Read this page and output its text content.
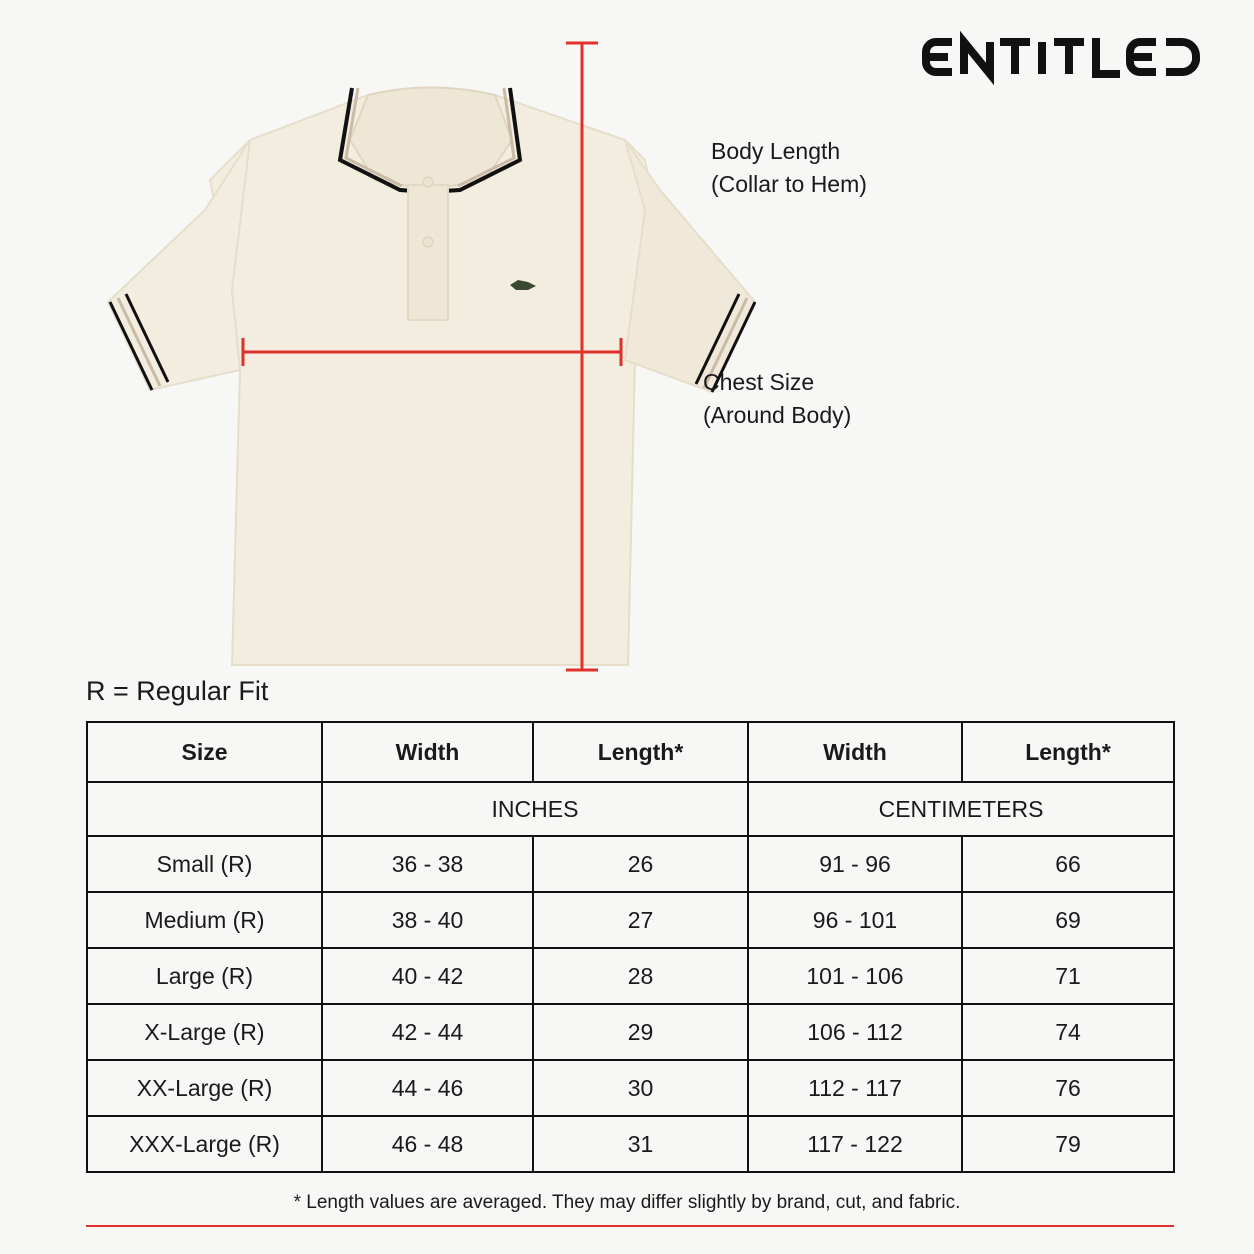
Body Length
(Collar to Hem)
Chest Size
(Around Body)
R = Regular Fit
Size	Width	Length*	Width	Length*
	INCHES		CENTIMETERS	
Small (R)	36 - 38	26	91 - 96	66
Medium (R)	38 - 40	27	96 - 101	69
Large (R)	40 - 42	28	101 - 106	71
X-Large (R)	42 - 44	29	106 - 112	74
XX-Large (R)	44 - 46	30	112 - 117	76
XXX-Large (R)	46 - 48	31	117 - 122	79
* Length values are averaged. They may differ slightly by brand, cut, and fabric.
